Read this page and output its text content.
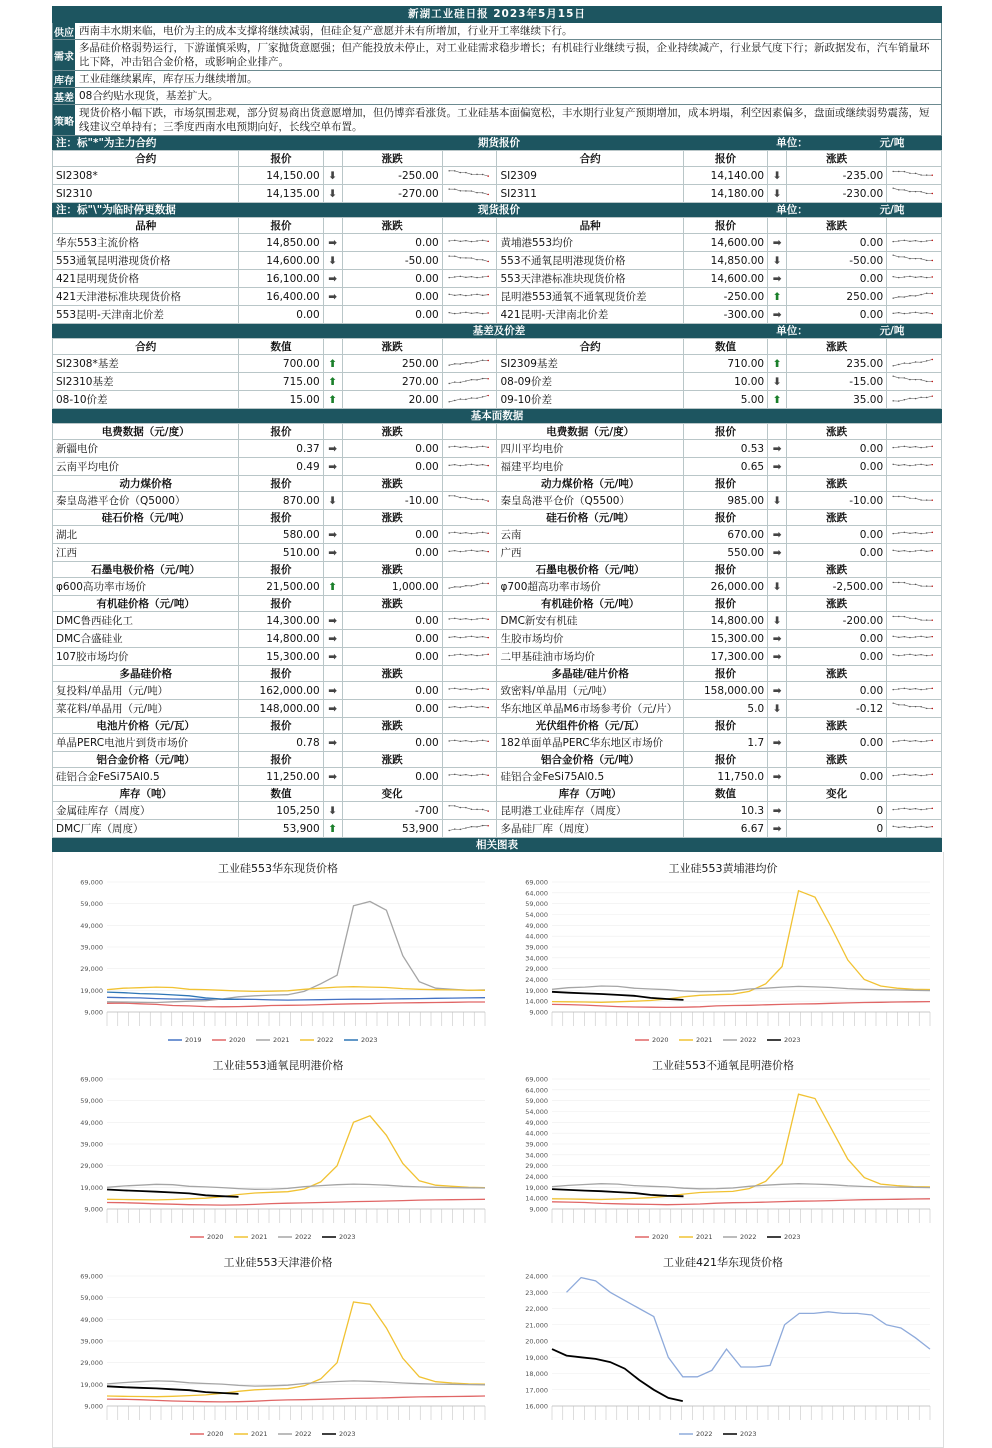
新湖工业硅日报 2023年5月15日
供应 西南丰水期来临，电价为主的成本支撑将继续减弱，但硅企复产意愿并未有所增加，行业开工率继续下行。
需求
多晶硅价格弱势运行，下游谨慎采购，厂家抛货意愿强；但产能投放未停止，对工业硅需求稳步增长；有机硅行业继续亏损，企业持续减产，行业景气度下行；新政据发布，汽车销量环比下降，冲击铝合金价格，或影响企业排产。
库存 工业硅继续累库，库存压力继续增加。
基差 08合约贴水现货，基差扩大。
策略
现货价格小幅下跌，市场氛围悲观，部分贸易商出货意愿增加，但仍博弈看涨货。工业硅基本面偏宽松，丰水期行业复产预期增加，成本坍塌，利空因素偏多，盘面或继续弱势震荡，短线建议空单持有；三季度西南水电预期向好，长线空单布置。
注：标"*"为主力合约	期货报价	单位：	元/吨
合约	报价		涨跌		合约	报价		涨跌	
SI2308*	14,150.00	⬇	-250.00		SI2309	14,140.00	⬇	-235.00	
SI2310	14,135.00	⬇	-270.00		SI2311	14,180.00	⬇	-230.00	
注：标"\"为临时停更数据	现货报价	单位：	元/吨
品种	报价		涨跌		品种	报价		涨跌	
华东553主流价格	14,850.00	➡	0.00		黄埔港553均价	14,600.00	➡	0.00	
553通氧昆明港现货价格	14,600.00	⬇	-50.00		553不通氧昆明港现货价格	14,850.00	⬇	-50.00	
421昆明现货价格	16,100.00	➡	0.00		553天津港标准块现货价格	14,600.00	➡	0.00	
421天津港标准块现货价格	16,400.00	➡	0.00		昆明港553通氧不通氧现货价差	-250.00	⬆	250.00	
553昆明-天津南北价差	0.00		0.00		421昆明-天津南北价差	-300.00	➡	0.00	
基差及价差	单位：	元/吨
合约	数值		涨跌		合约	数值		涨跌	
SI2308*基差	700.00	⬆	250.00		SI2309基差	710.00	⬆	235.00	
SI2310基差	715.00	⬆	270.00		08-09价差	10.00	⬇	-15.00	
08-10价差	15.00	⬆	20.00		09-10价差	5.00	⬆	35.00	
基本面数据
电费数据（元/度）	报价		涨跌		电费数据（元/度）	报价		涨跌	
新疆电价	0.37	➡	0.00		四川平均电价	0.53	➡	0.00	
云南平均电价	0.49	➡	0.00		福建平均电价	0.65	➡	0.00	
动力煤价格	报价		涨跌		动力煤价格（元/吨）	报价		涨跌	
秦皇岛港平仓价（Q5000）	870.00	⬇	-10.00		秦皇岛港平仓价（Q5500）	985.00	⬇	-10.00	
硅石价格（元/吨）	报价		涨跌		硅石价格（元/吨）	报价		涨跌	
湖北	580.00	➡	0.00		云南	670.00	➡	0.00	
江西	510.00	➡	0.00		广西	550.00	➡	0.00	
石墨电极价格（元/吨）	报价		涨跌		石墨电极价格（元/吨）	报价		涨跌	
φ600高功率市场价	21,500.00	⬆	1,000.00		φ700超高功率市场价	26,000.00	⬇	-2,500.00	
有机硅价格（元/吨）	报价		涨跌		有机硅价格（元/吨）	报价		涨跌	
DMC鲁西硅化工	14,300.00	➡	0.00		DMC新安有机硅	14,800.00	⬇	-200.00	
DMC合盛硅业	14,800.00	➡	0.00		生胶市场均价	15,300.00	➡	0.00	
107胶市场均价	15,300.00	➡	0.00		二甲基硅油市场均价	17,300.00	➡	0.00	
多晶硅价格	报价		涨跌		多晶硅/硅片价格	报价		涨跌	
复投料/单晶用（元/吨）	162,000.00	➡	0.00		致密料/单晶用（元/吨）	158,000.00	➡	0.00	
菜花料/单晶用（元/吨）	148,000.00	➡	0.00		华东地区单晶M6市场参考价（元/片）	5.0	⬇	-0.12	
电池片价格（元/瓦）	报价		涨跌		光伏组件价格（元/瓦）	报价		涨跌	
单晶PERC电池片到货市场价	0.78	➡	0.00		182单面单晶PERC华东地区市场价	1.7	➡	0.00	
铝合金价格（元/吨）	报价		涨跌		铝合金价格（元/吨）	报价		涨跌	
硅铝合金FeSi75Al0.5	11,250.00	➡	0.00		硅铝合金FeSi75Al0.5	11,750.0	➡	0.00	
库存（吨）	数值		变化		库存（万吨）	数值		变化	
金属硅库存（周度）	105,250	⬇	-700		昆明港工业硅库存（周度）	10.3	➡	0	
DMC厂库（周度）	53,900	⬆	53,900		多晶硅厂库（周度）	6.67	➡	0	
相关图表
工业硅553华东现货价格
9,000
19,000
29,000
39,000
49,000
59,000
69,000
2019	2020	2021	2022	2023
工业硅553黄埔港均价
9,000
14,000
19,000
24,000
29,000
34,000
39,000
44,000
49,000
54,000
59,000
64,000
69,000
2020	2021	2022	2023
工业硅553通氧昆明港价格
9,000
19,000
29,000
39,000
49,000
59,000
69,000
2020	2021	2022	2023
工业硅553不通氧昆明港价格
9,000
14,000
19,000
24,000
29,000
34,000
39,000
44,000
49,000
54,000
59,000
64,000
69,000
2020	2021	2022	2023
工业硅553天津港价格
9,000
19,000
29,000
39,000
49,000
59,000
69,000
2020	2021	2022	2023
工业硅421华东现货价格
16,000
17,000
18,000
19,000
20,000
21,000
22,000
23,000
24,000
2022	2023
